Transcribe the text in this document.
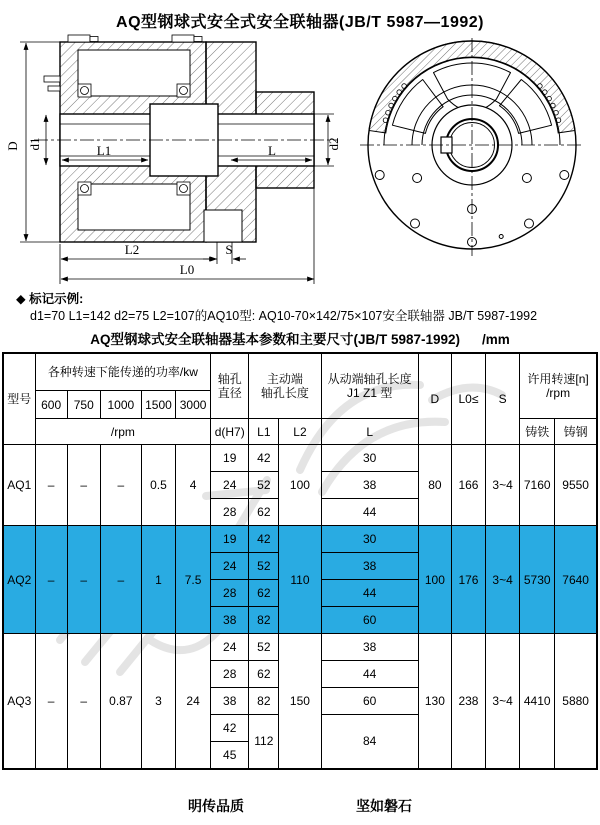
AQ型钢球式安全式安全联轴器(JB/T 5987—1992)
D d1	L1	L	d2
L2	S
L0
◆ 标记示例:
d1=70 L1=142 d2=75 L2=107的AQ10型: AQ10-70×142/75×107安全联轴器 JB/T 5987-1992
AQ型钢球式安全联轴器基本参数和主要尺寸(JB/T 5987-1992) /mm
型号	各种转速下能传递的功率/kw	轴孔
直径

主动端
轴孔长度

从动端轴孔长度
J1 Z1 型	D	L0≤	S	
许用转速[n]
/rpm

	600	750	1000	1500	3000									
	/rpm					d(H7)	L1	L2	L				铸铁	铸钢
AQ1	–	–	–	0.5	4	19	42	100	30	80	166	3~4	7160	9550
						24	52		38					
						28	62		44					
AQ2	–	–	–	1	7.5	19	42	110	30	100	176	3~4	5730	7640
						24	52		38					
						28	62		44					
						38	82		60					
AQ3	–	–	0.87	3	24	24	52	150	38	130	238	3~4	4410	5880
						28	62		44					
						38	82		60					
						42	112		84					
						45								
明传品质	坚如磐石
